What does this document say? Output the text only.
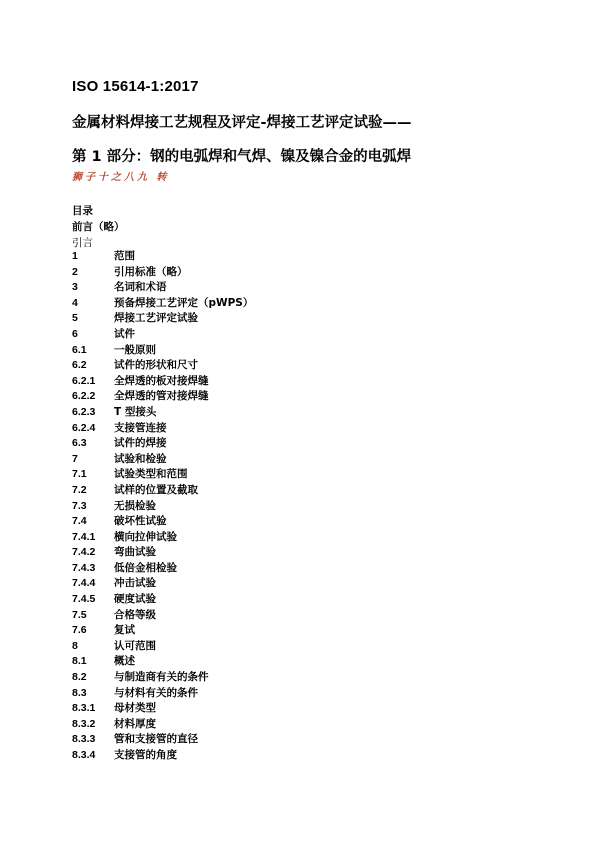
ISO 15614-1:2017
金属材料焊接工艺规程及评定-焊接工艺评定试验——
第 1 部分：钢的电弧焊和气焊、镍及镍合金的电弧焊
狮子十之八九 转
目录
前言（略）
引言
1	范围
2	引用标准（略）
3	名词和术语
4	预备焊接工艺评定（pWPS）
5	焊接工艺评定试验
6	试件
6.1	一般原则
6.2	试件的形状和尺寸
6.2.1 全焊透的板对接焊缝
6.2.2 全焊透的管对接焊缝
6.2.3 T 型接头
6.2.4 支接管连接
6.3	试件的焊接
7	试验和检验
7.1	试验类型和范围
7.2	试样的位置及截取
7.3	无损检验
7.4	破坏性试验
7.4.1 横向拉伸试验
7.4.2 弯曲试验
7.4.3 低倍金相检验
7.4.4 冲击试验
7.4.5 硬度试验
7.5	合格等级
7.6	复试
8	认可范围
8.1	概述
8.2	与制造商有关的条件
8.3	与材料有关的条件
8.3.1 母材类型
8.3.2 材料厚度
8.3.3 管和支接管的直径
8.3.4 支接管的角度
